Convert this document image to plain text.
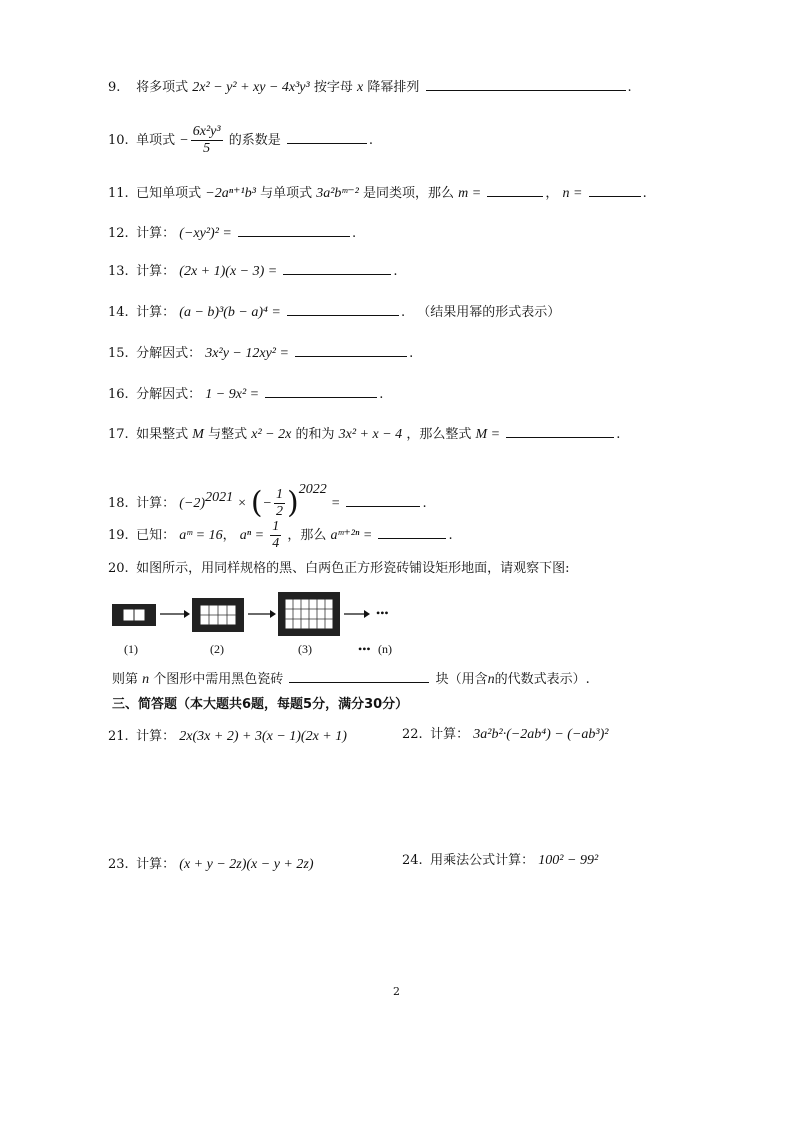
9. 将多项式 2x² − y² + xy − 4x³y³ 按字母 x 降幂排列	.
10. 单项式 − $\frac{\text{6x²y³}}{5}$ 的系数是	.
11. 已知单项式 −2aⁿ⁺¹b³ 与单项式 3a²bᵐ⁻² 是同类项，那么 m =	， n =	.
12. 计算： (−xy²)² =	.
13. 计算： (2x + 1)(x − 3) =	.
14. 计算： (a − b)³(b − a)⁴ =	. （结果用幂的形式表示）
15. 分解因式： 3x²y − 12xy² =	.
16. 分解因式： 1 − 9x² =	.
17. 如果整式 M 与整式 x² − 2x 的和为 3x² + x − 4 ，那么整式 M =	.
18. 计算： $(-2)^{2021}$ × (− $\frac{1}{2} )^{2022}$ =	.
19. 已知： aᵐ = 16， $a^n = \frac{1}{4}$ ，那么 aᵐ⁺²ⁿ =	.
20. 如图所示，用同样规格的黑、白两色正方形瓷砖铺设矩形地面，请观察下图:
•••
(1)	(2)	(3)	••• (n)
则第 n 个图形中需用黑色瓷砖	块（用含n的代数式表示）.
三、简答题（本大题共6题，每题5分，满分30分）
21. 计算： 2x(3x + 2) + 3(x − 1)(2x + 1)	22. 计算： 3a²b²·(−2ab⁴) − (−ab³)²
23. 计算： (x + y − 2z)(x − y + 2z)	24. 用乘法公式计算： 100² − 99²
2
